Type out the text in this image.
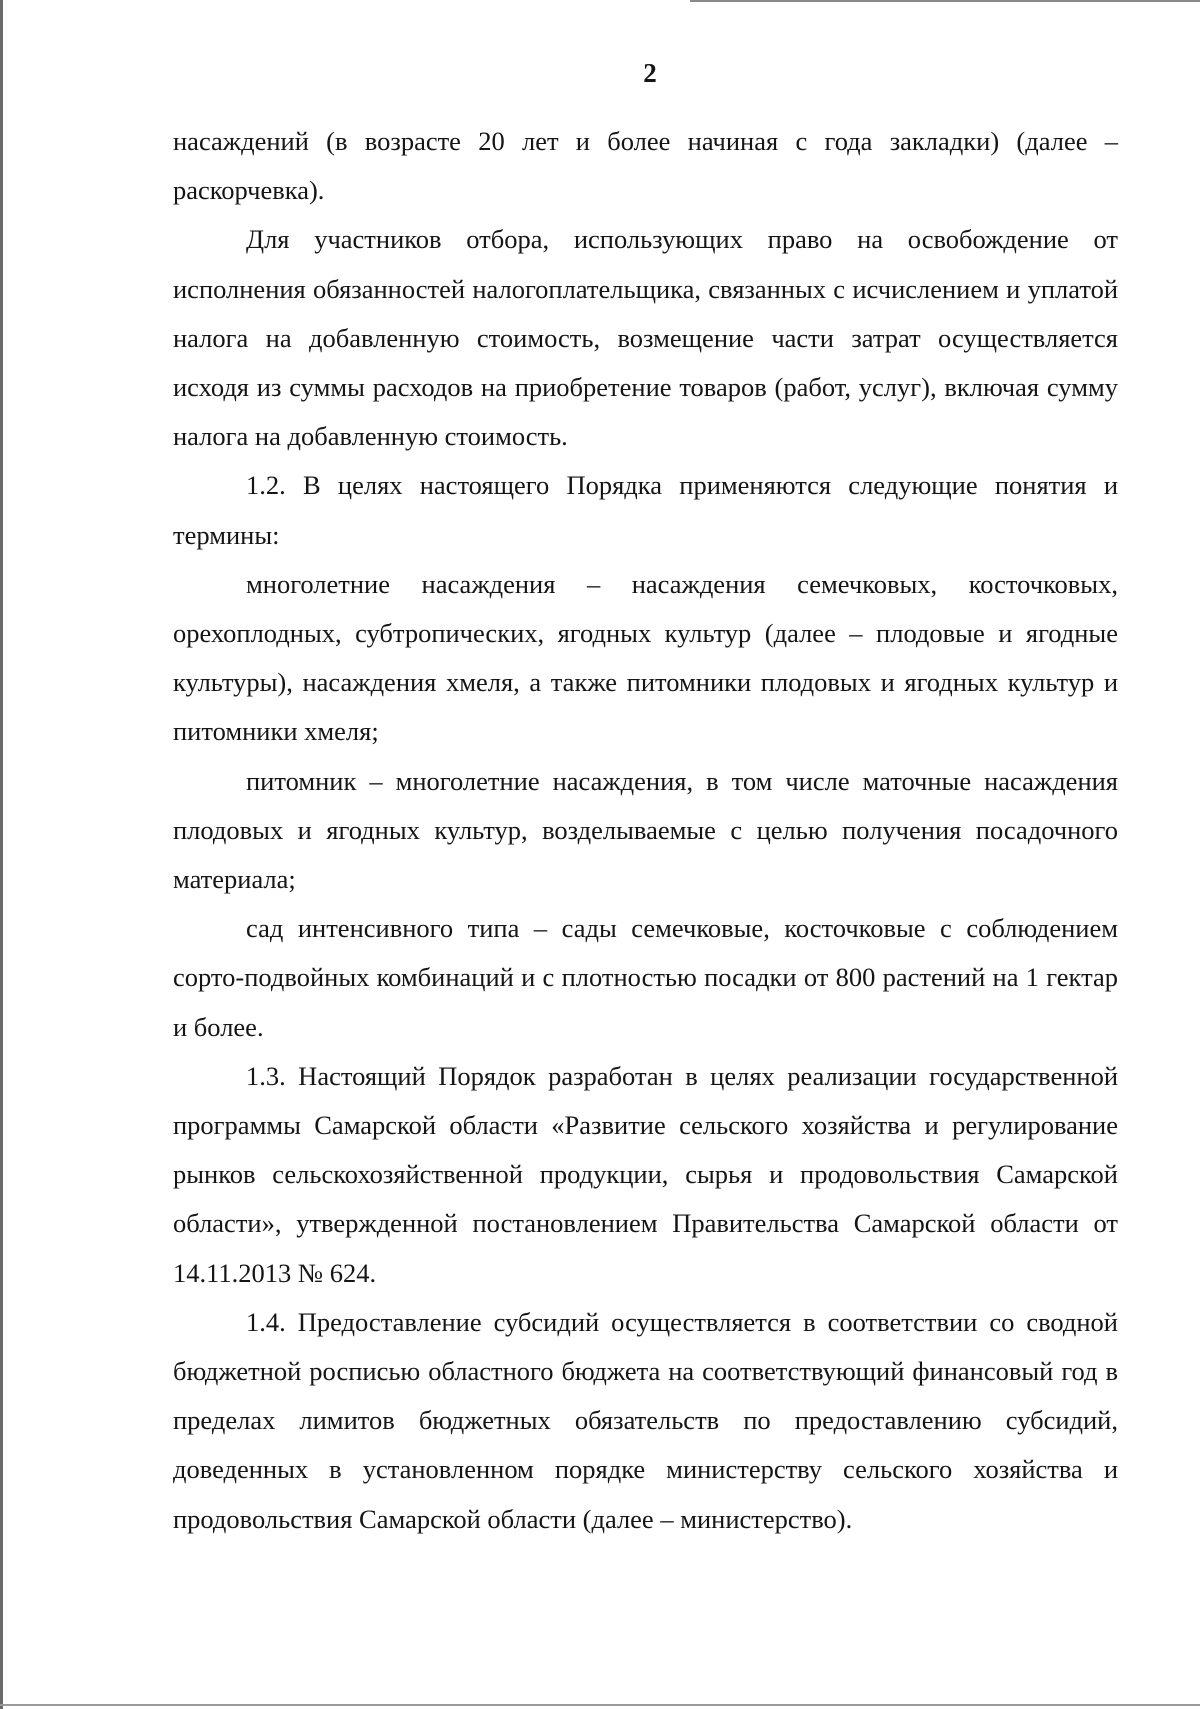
2

насаждений (в возрасте 20 лет и более начиная с года закладки) (далее – раскорчевка).

Для участников отбора, использующих право на освобождение от исполнения обязанностей налогоплательщика, связанных с исчислением и уплатой налога на добавленную стоимость, возмещение части затрат осуществляется исходя из суммы расходов на приобретение товаров (работ, услуг), включая сумму налога на добавленную стоимость.

1.2. В целях настоящего Порядка применяются следующие понятия и термины:

многолетние насаждения – насаждения семечковых, косточковых, орехоплодных, субтропических, ягодных культур (далее – плодовые и ягодные культуры), насаждения хмеля, а также питомники плодовых и ягодных культур и питомники хмеля;

питомник – многолетние насаждения, в том числе маточные насаждения плодовых и ягодных культур, возделываемые с целью получения посадочного материала;

сад интенсивного типа – сады семечковые, косточковые с соблюдением сорто-подвойных комбинаций и с плотностью посадки от 800 растений на 1 гектар и более.

1.3. Настоящий Порядок разработан в целях реализации государственной программы Самарской области «Развитие сельского хозяйства и регулирование рынков сельскохозяйственной продукции, сырья и продовольствия Самарской области», утвержденной постановлением Правительства Самарской области от 14.11.2013 № 624.

1.4. Предоставление субсидий осуществляется в соответствии со сводной бюджетной росписью областного бюджета на соответствующий финансовый год в пределах лимитов бюджетных обязательств по предоставлению субсидий, доведенных в установленном порядке министерству сельского хозяйства и продовольствия Самарской области (далее – министерство).
